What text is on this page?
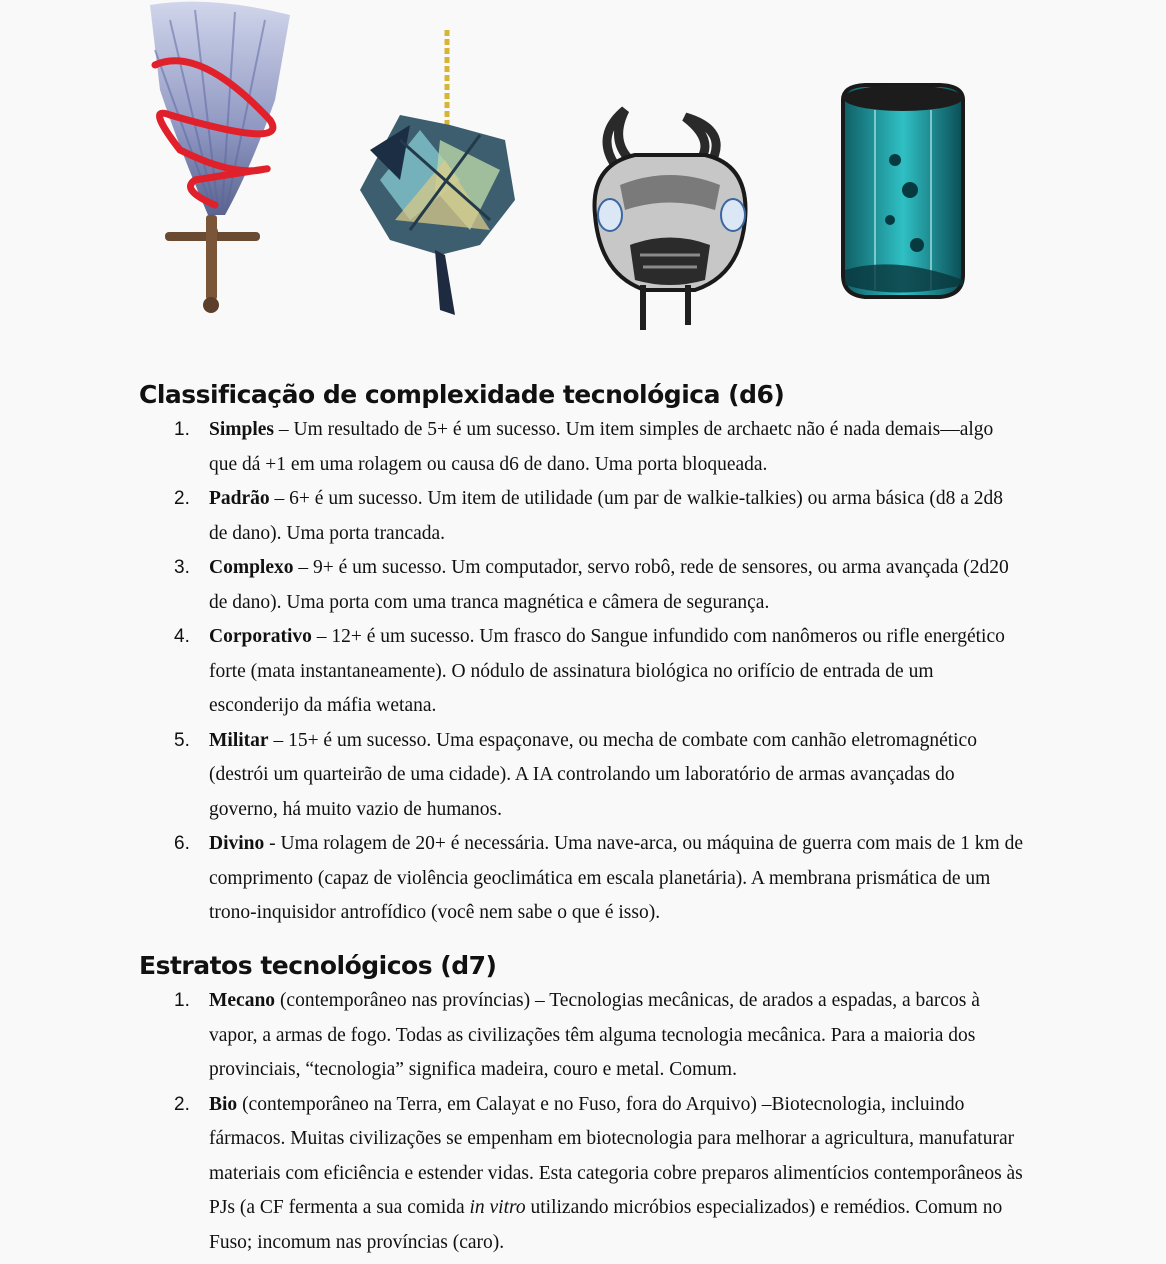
Classificação de complexidade tecnológica (d6)
1. Simples – Um resultado de 5+ é um sucesso. Um item simples de archaetc não é nada demais—algo que dá +1 em uma rolagem ou causa d6 de dano. Uma porta bloqueada.
2. Padrão – 6+ é um sucesso. Um item de utilidade (um par de walkie-talkies) ou arma básica (d8 a 2d8 de dano). Uma porta trancada.
3. Complexo – 9+ é um sucesso. Um computador, servo robô, rede de sensores, ou arma avançada (2d20 de dano). Uma porta com uma tranca magnética e câmera de segurança.
4. Corporativo – 12+ é um sucesso. Um frasco do Sangue infundido com nanômeros ou rifle energético forte (mata instantaneamente). O nódulo de assinatura biológica no orifício de entrada de um esconderijo da máfia wetana.
5. Militar – 15+ é um sucesso. Uma espaçonave, ou mecha de combate com canhão eletromagnético (destrói um quarteirão de uma cidade). A IA controlando um laboratório de armas avançadas do governo, há muito vazio de humanos.
6. Divino - Uma rolagem de 20+ é necessária. Uma nave-arca, ou máquina de guerra com mais de 1 km de comprimento (capaz de violência geoclimática em escala planetária). A membrana prismática de um trono-inquisidor antrofídico (você nem sabe o que é isso).
Estratos tecnológicos (d7)
1. Mecano (contemporâneo nas províncias) – Tecnologias mecânicas, de arados a espadas, a barcos à vapor, a armas de fogo. Todas as civilizações têm alguma tecnologia mecânica. Para a maioria dos provinciais, “tecnologia” significa madeira, couro e metal. Comum.
2. Bio (contemporâneo na Terra, em Calayat e no Fuso, fora do Arquivo) –Biotecnologia, incluindo fármacos. Muitas civilizações se empenham em biotecnologia para melhorar a agricultura, manufaturar materiais com eficiência e estender vidas. Esta categoria cobre preparos alimentícios contemporâneos às PJs (a CF fermenta a sua comida in vitro utilizando micróbios especializados) e remédios. Comum no Fuso; incomum nas províncias (caro).
